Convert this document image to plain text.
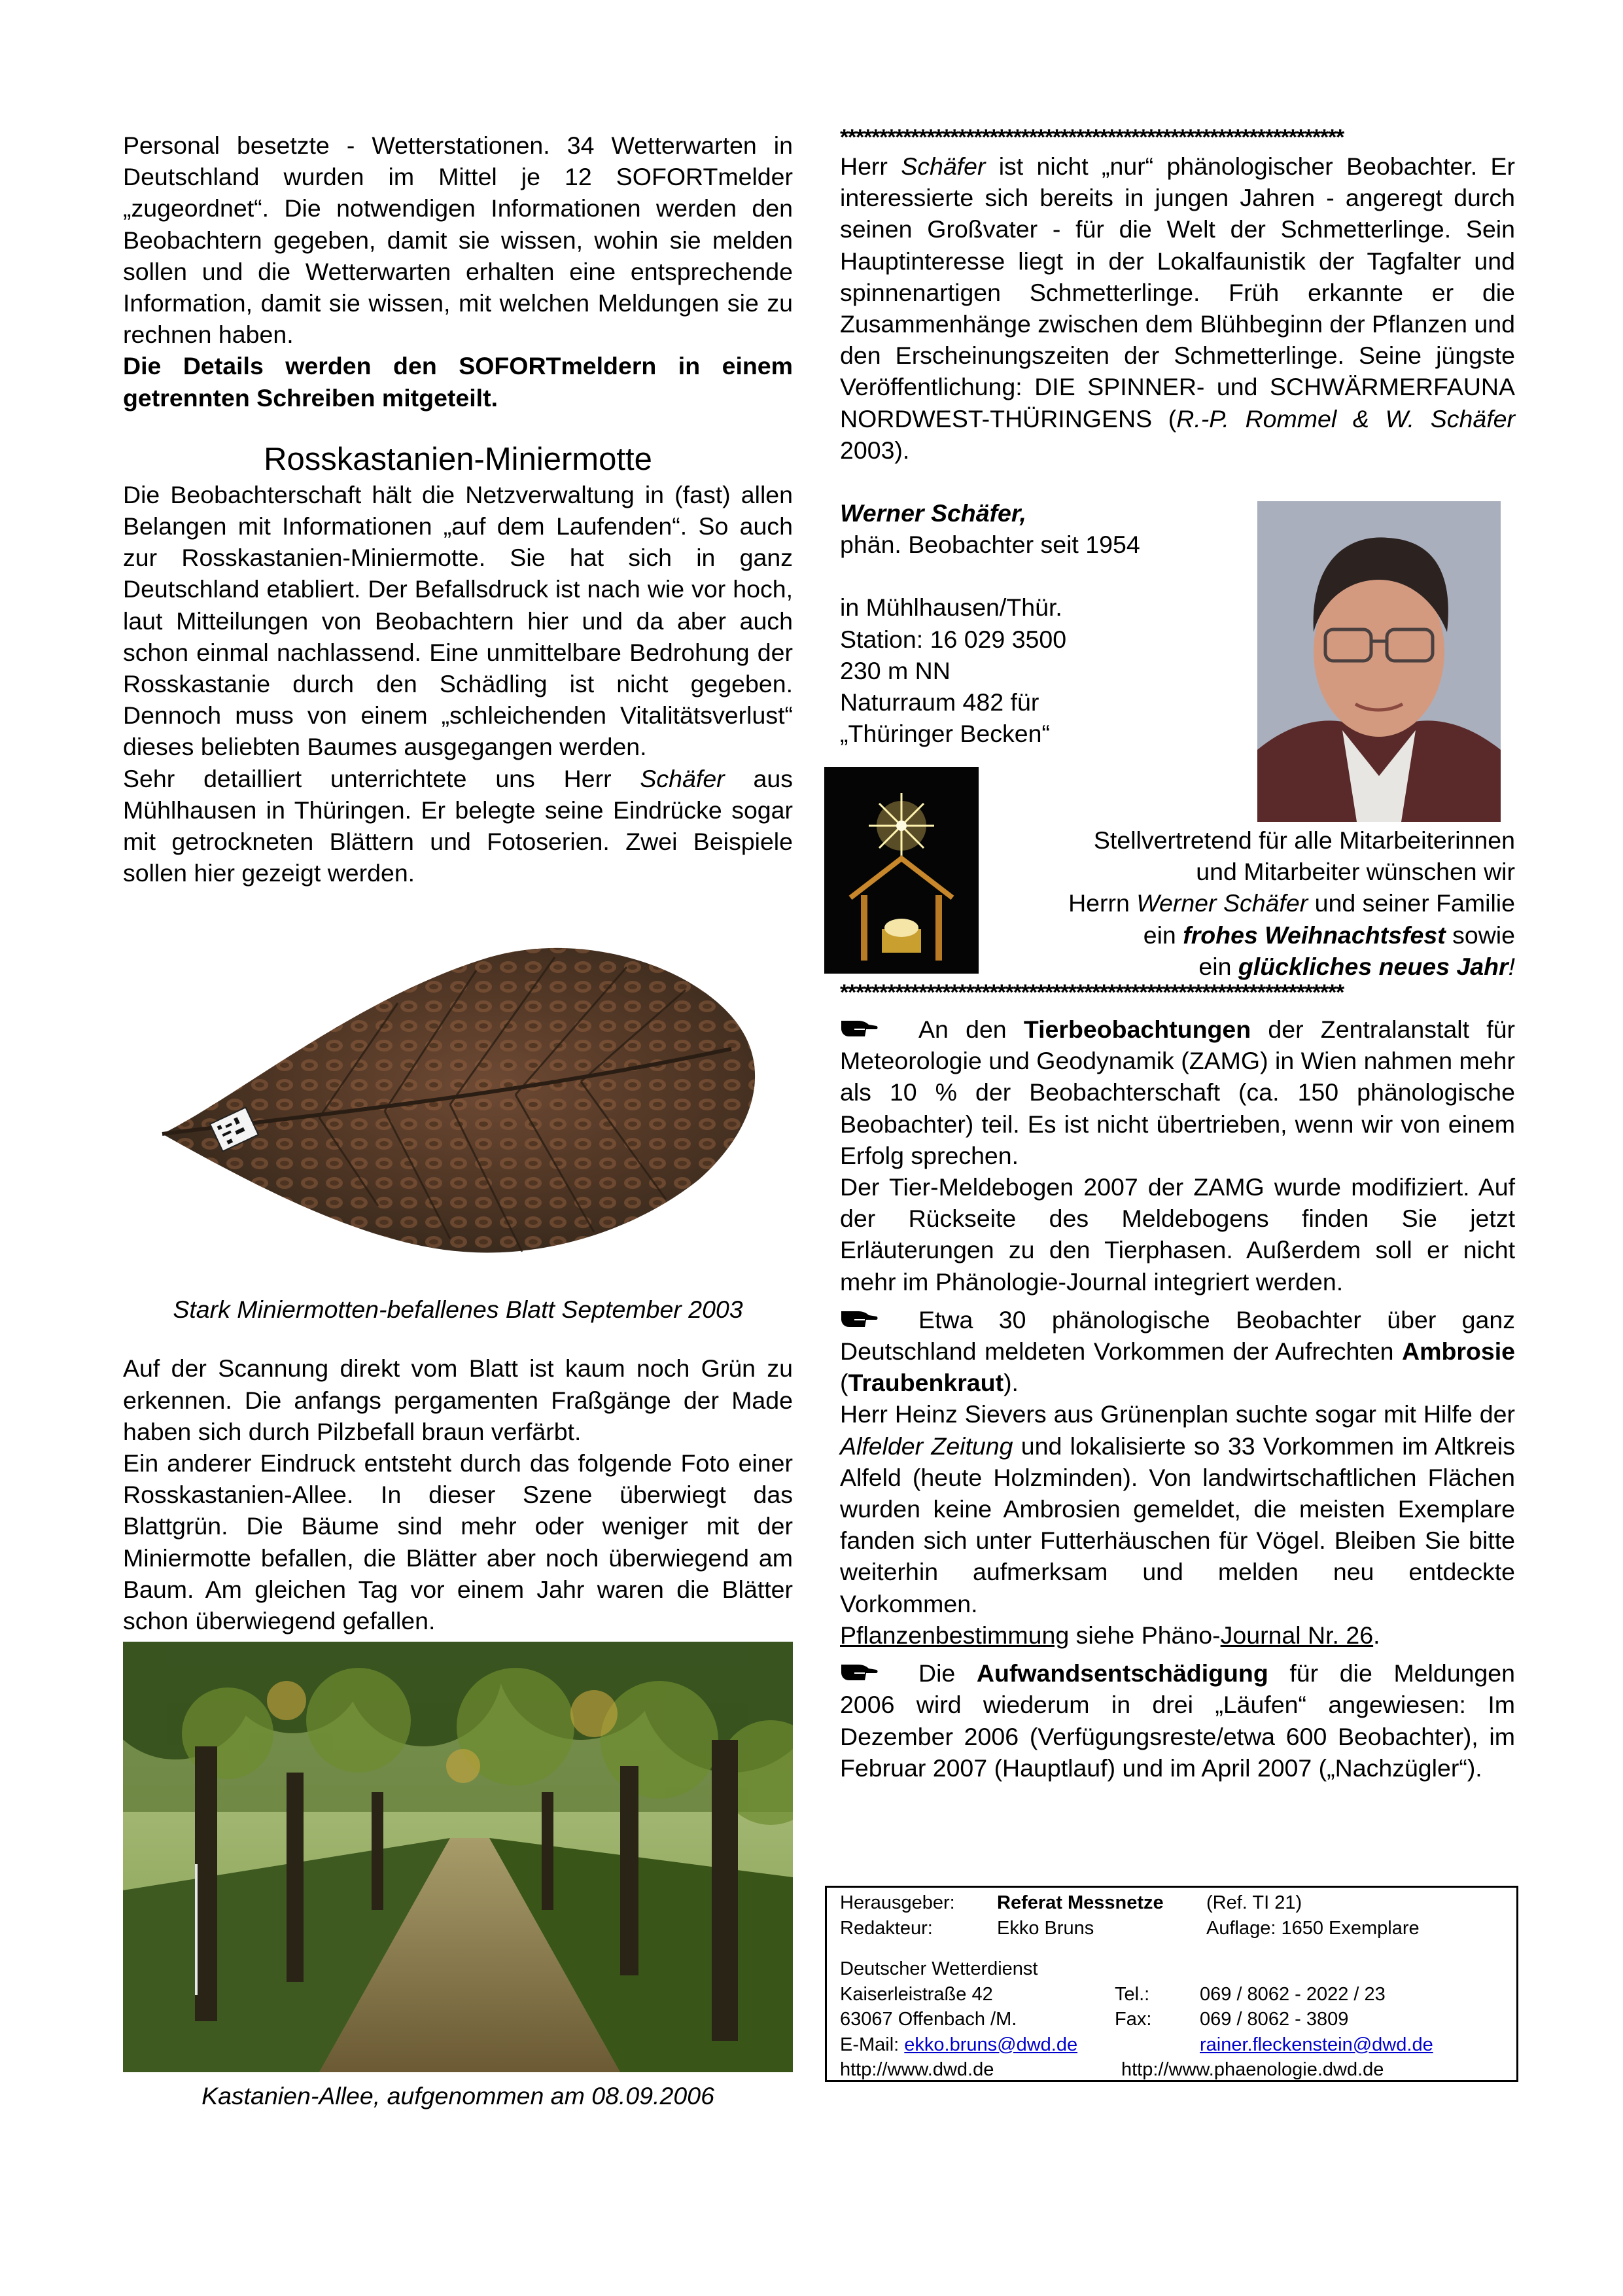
Personal besetzte - Wetterstationen. 34 Wetterwarten in Deutschland wurden im Mittel je 12 SOFORTmelder „zugeordnet“. Die notwendigen Informationen werden den Beobachtern gegeben, damit sie wissen, wohin sie melden sollen und die Wetterwarten erhalten eine entsprechende Information, damit sie wissen, mit welchen Meldungen sie zu rechnen haben.
Die Details werden den SOFORTmeldern in einem getrennten Schreiben mitgeteilt.

Rosskastanien-Miniermotte

Die Beobachterschaft hält die Netzverwaltung in (fast) allen Belangen mit Informationen „auf dem Laufenden“. So auch zur Rosskastanien-Miniermotte. Sie hat sich in ganz Deutschland etabliert. Der Befallsdruck ist nach wie vor hoch, laut Mitteilungen von Beobachtern hier und da aber auch schon einmal nachlassend. Eine unmittelbare Bedrohung der Rosskastanie durch den Schädling ist nicht gegeben. Dennoch muss von einem „schleichenden Vitalitätsverlust“ dieses beliebten Baumes ausgegangen werden.

Sehr detailliert unterrichtete uns Herr Schäfer aus Mühlhausen in Thüringen. Er belegte seine Eindrücke sogar mit getrockneten Blättern und Fotoserien. Zwei Beispiele sollen hier gezeigt werden.

Stark Miniermotten-befallenes Blatt September 2003

Auf der Scannung direkt vom Blatt ist kaum noch Grün zu erkennen. Die anfangs pergamenten Fraßgänge der Made haben sich durch Pilzbefall braun verfärbt.

Ein anderer Eindruck entsteht durch das folgende Foto einer Rosskastanien-Allee. In dieser Szene überwiegt das Blattgrün. Die Bäume sind mehr oder weniger mit der Miniermotte befallen, die Blätter aber noch überwiegend am Baum. Am gleichen Tag vor einem Jahr waren die Blätter schon überwiegend gefallen.

Kastanien-Allee, aufgenommen am 08.09.2006
****************************************************************

Herr Schäfer ist nicht „nur“ phänologischer Beobachter. Er interessierte sich bereits in jungen Jahren - angeregt durch seinen Großvater - für die Welt der Schmetterlinge. Sein Hauptinteresse liegt in der Lokalfaunistik der Tagfalter und spinnenartigen Schmetterlinge. Früh erkannte er die Zusammenhänge zwischen dem Blühbeginn der Pflanzen und den Erscheinungszeiten der Schmetterlinge. Seine jüngste Veröffentlichung: DIE SPINNER- und SCHWÄRMERFAUNA NORDWEST-THÜRINGENS (R.-P. Rommel & W. Schäfer 2003).

Werner Schäfer,
phän. Beobachter seit 1954
in Mühlhausen/Thür.
Station: 16 029 3500
230 m NN
Naturraum 482 für
„Thüringer Becken“
Stellvertretend für alle Mitarbeiterinnen
und Mitarbeiter wünschen wir
Herrn Werner Schäfer und seiner Familie
ein frohes Weihnachtsfest sowie
ein glückliches neues Jahr!
****************************************************************

An den Tierbeobachtungen der Zentralanstalt für Meteorologie und Geodynamik (ZAMG) in Wien nahmen mehr als 10 % der Beobachterschaft (ca. 150 phänologische Beobachter) teil. Es ist nicht übertrieben, wenn wir von einem Erfolg sprechen.
Der Tier-Meldebogen 2007 der ZAMG wurde modifiziert. Auf der Rückseite des Meldebogens finden Sie jetzt Erläuterungen zu den Tierphasen. Außerdem soll er nicht mehr im Phänologie-Journal integriert werden.

Etwa 30 phänologische Beobachter über ganz Deutschland meldeten Vorkommen der Aufrechten Ambrosie (Traubenkraut).
Herr Heinz Sievers aus Grünenplan suchte sogar mit Hilfe der Alfelder Zeitung und lokalisierte so 33 Vorkommen im Altkreis Alfeld (heute Holzminden). Von landwirtschaftlichen Flächen wurden keine Ambrosien gemeldet, die meisten Exemplare fanden sich unter Futterhäuschen für Vögel. Bleiben Sie bitte weiterhin aufmerksam und melden neu entdeckte Vorkommen.
Pflanzenbestimmung siehe Phäno-Journal Nr. 26.

Die Aufwandsentschädigung für die Meldungen 2006 wird wiederum in drei „Läufen“ angewiesen: Im Dezember 2006 (Verfügungsreste/etwa 600 Beobachter), im Februar 2007 (Hauptlauf) und im April 2007 („Nachzügler“).

Herausgeber: Referat Messnetze (Ref. TI 21)
Redakteur:	Ekko Bruns	Auflage: 1650 Exemplare
Deutscher Wetterdienst
Kaiserleistraße 42	Tel.:	069 / 8062 - 2022 / 23
63067 Offenbach /M.	Fax:	069 / 8062 - 3809
E-Mail: ekko.bruns@dwd.de	rainer.fleckenstein@dwd.de
http://www.dwd.de	http://www.phaenologie.dwd.de
